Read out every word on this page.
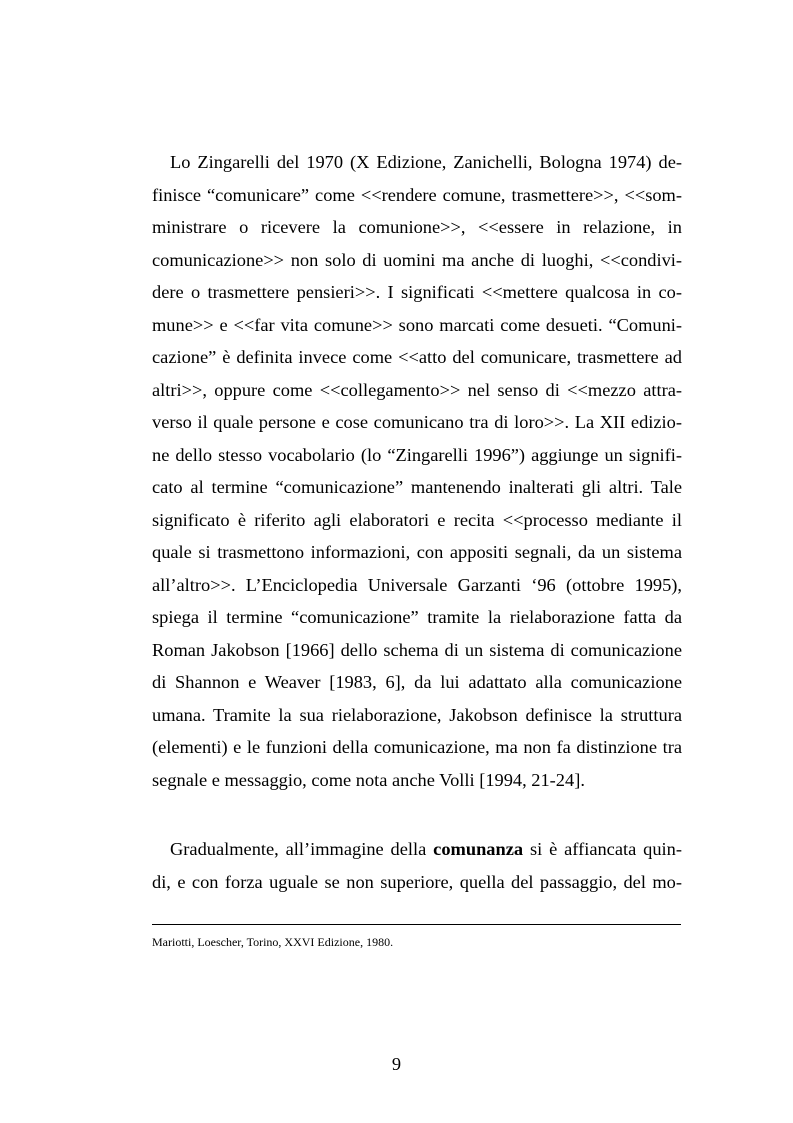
Lo Zingarelli del 1970 (X Edizione, Zanichelli, Bologna 1974) de-
finisce “comunicare” come <<rendere comune, trasmettere>>, <<som-
ministrare o ricevere la comunione>>, <<essere in relazione, in
comunicazione>> non solo di uomini ma anche di luoghi, <<condivi-
dere o trasmettere pensieri>>. I significati <<mettere qualcosa in co-
mune>> e <<far vita comune>> sono marcati come desueti. “Comuni-
cazione” è definita invece come <<atto del comunicare, trasmettere ad
altri>>, oppure come <<collegamento>> nel senso di <<mezzo attra-
verso il quale persone e cose comunicano tra di loro>>. La XII edizio-
ne dello stesso vocabolario (lo “Zingarelli 1996”) aggiunge un signifi-
cato al termine “comunicazione” mantenendo inalterati gli altri. Tale
significato è riferito agli elaboratori e recita <<processo mediante il
quale si trasmettono informazioni, con appositi segnali, da un sistema
all’altro>>. L’Enciclopedia Universale Garzanti ‘96 (ottobre 1995),
spiega il termine “comunicazione” tramite la rielaborazione fatta da
Roman Jakobson [1966] dello schema di un sistema di comunicazione
di Shannon e Weaver [1983, 6], da lui adattato alla comunicazione
umana. Tramite la sua rielaborazione, Jakobson definisce la struttura
(elementi) e le funzioni della comunicazione, ma non fa distinzione tra
segnale e messaggio, come nota anche Volli [1994, 21-24].
Gradualmente, all’immagine della comunanza si è affiancata quin-
di, e con forza uguale se non superiore, quella del passaggio, del mo-
Mariotti, Loescher, Torino, XXVI Edizione, 1980.
9
